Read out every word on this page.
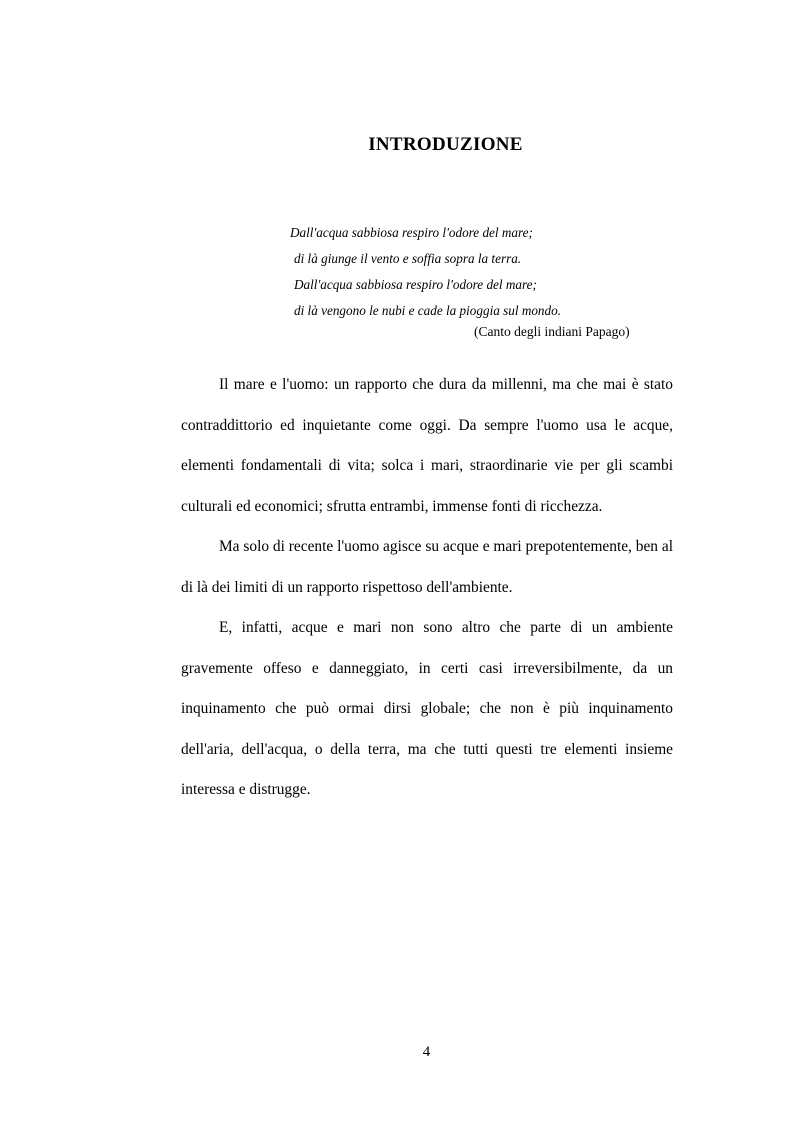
INTRODUZIONE
Dall'acqua sabbiosa respiro l'odore del mare;
di là giunge il vento e soffia sopra la terra.
Dall'acqua sabbiosa respiro l'odore del mare;
di là vengono le nubi e cade la pioggia sul mondo.
(Canto degli indiani Papago)

Il mare e l'uomo: un rapporto che dura da millenni, ma che mai è stato contraddittorio ed inquietante come oggi. Da sempre l'uomo usa le acque, elementi fondamentali di vita; solca i mari, straordinarie vie per gli scambi culturali ed economici; sfrutta entrambi, immense fonti di ricchezza.

Ma solo di recente l'uomo agisce su acque e mari prepotentemente, ben al di là dei limiti di un rapporto rispettoso dell'ambiente.

E, infatti, acque e mari non sono altro che parte di un ambiente gravemente offeso e danneggiato, in certi casi irreversibilmente, da un inquinamento che può ormai dirsi globale; che non è più inquinamento dell'aria, dell'acqua, o della terra, ma che tutti questi tre elementi insieme interessa e distrugge.

4
